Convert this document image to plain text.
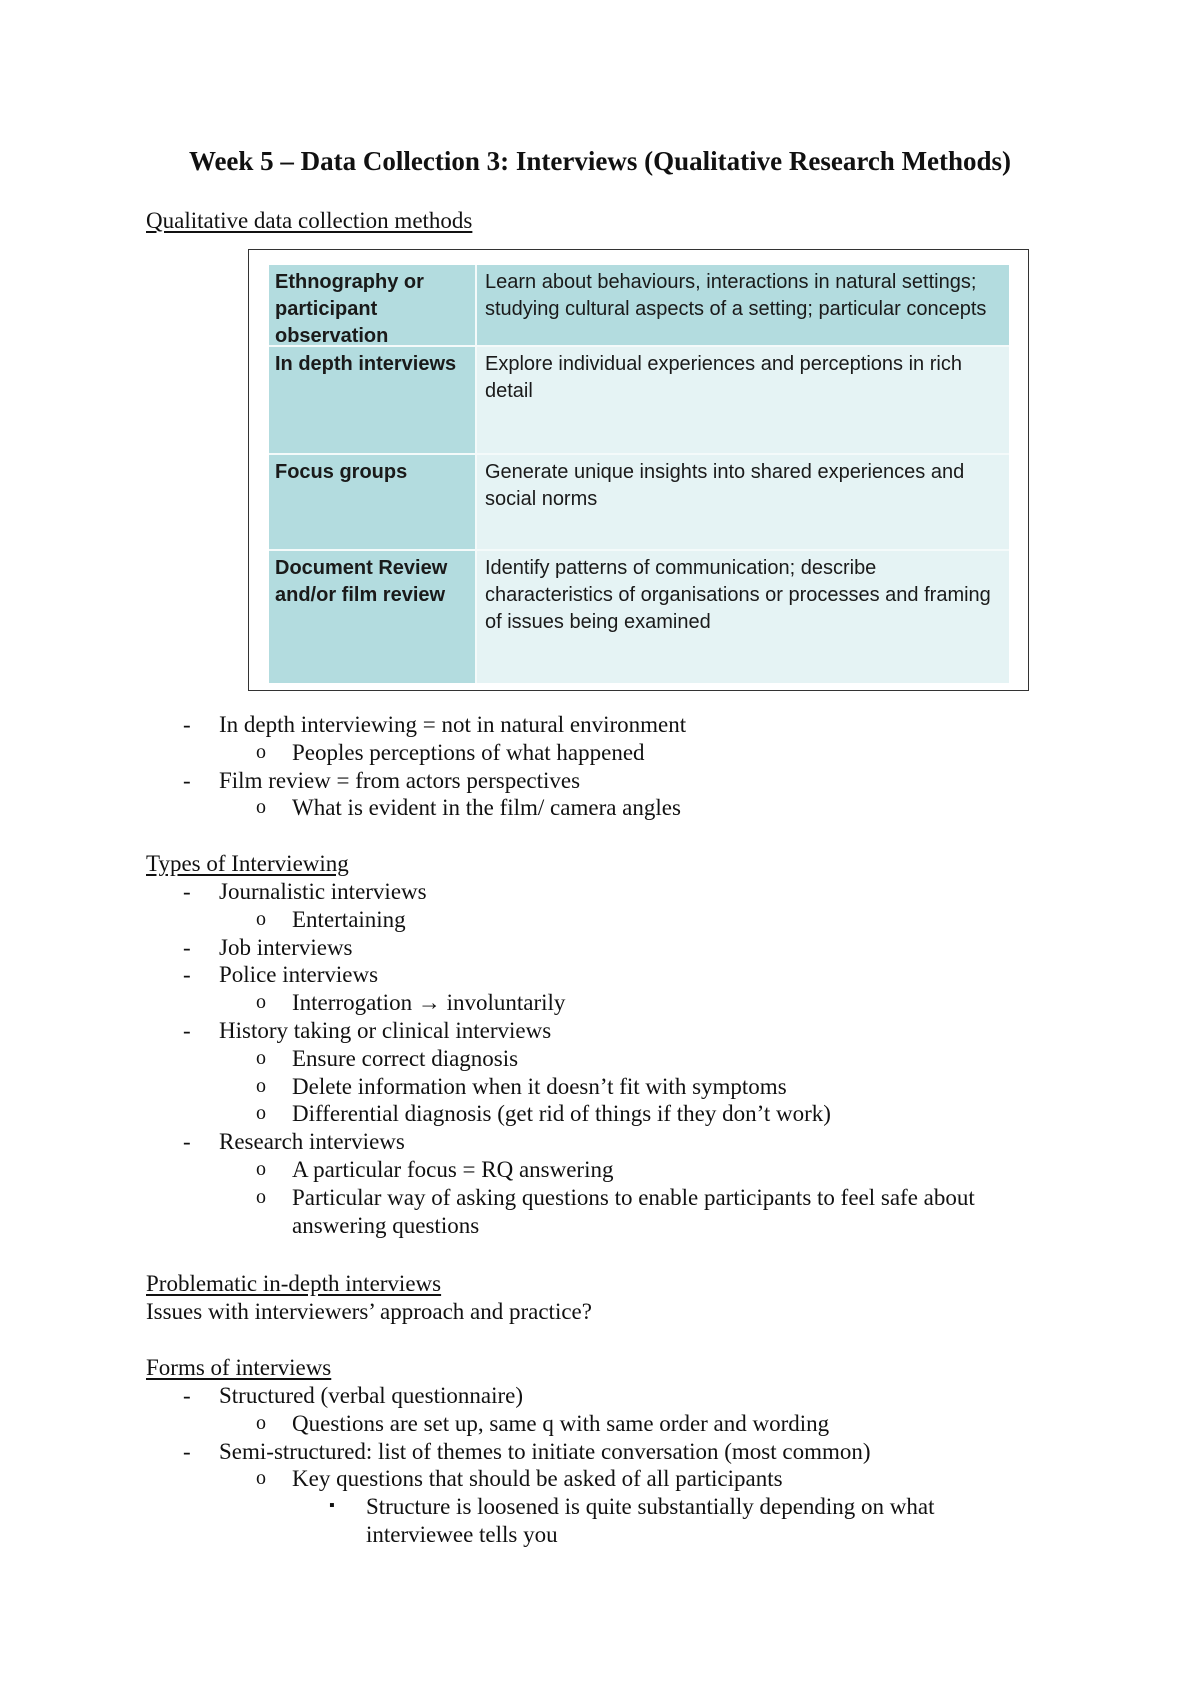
Week 5 – Data Collection 3: Interviews (Qualitative Research Methods)
Qualitative data collection methods
Ethnography or participant observation
Learn about behaviours, interactions in natural settings; studying cultural aspects of a setting; particular concepts
In depth interviews	Explore individual experiences and perceptions in rich detail
Focus groups	Generate unique insights into shared experiences and social norms
Document Review and/or film review
Identify patterns of communication; describe characteristics of organisations or processes and framing of issues being examined
- In depth interviewing = not in natural environment
o Peoples perceptions of what happened
- Film review = from actors perspectives
o What is evident in the film/ camera angles
Types of Interviewing
- Journalistic interviews
o Entertaining
- Job interviews
- Police interviews
o Interrogation → involuntarily
- History taking or clinical interviews
o Ensure correct diagnosis
o Delete information when it doesn’t fit with symptoms
o Differential diagnosis (get rid of things if they don’t work)
- Research interviews
o A particular focus = RQ answering
o Particular way of asking questions to enable participants to feel safe about answering questions
Problematic in-depth interviews
Issues with interviewers’ approach and practice?
Forms of interviews
- Structured (verbal questionnaire)
o Questions are set up, same q with same order and wording
- Semi-structured: list of themes to initiate conversation (most common)
o Key questions that should be asked of all participants
▪ Structure is loosened is quite substantially depending on what interviewee tells you
